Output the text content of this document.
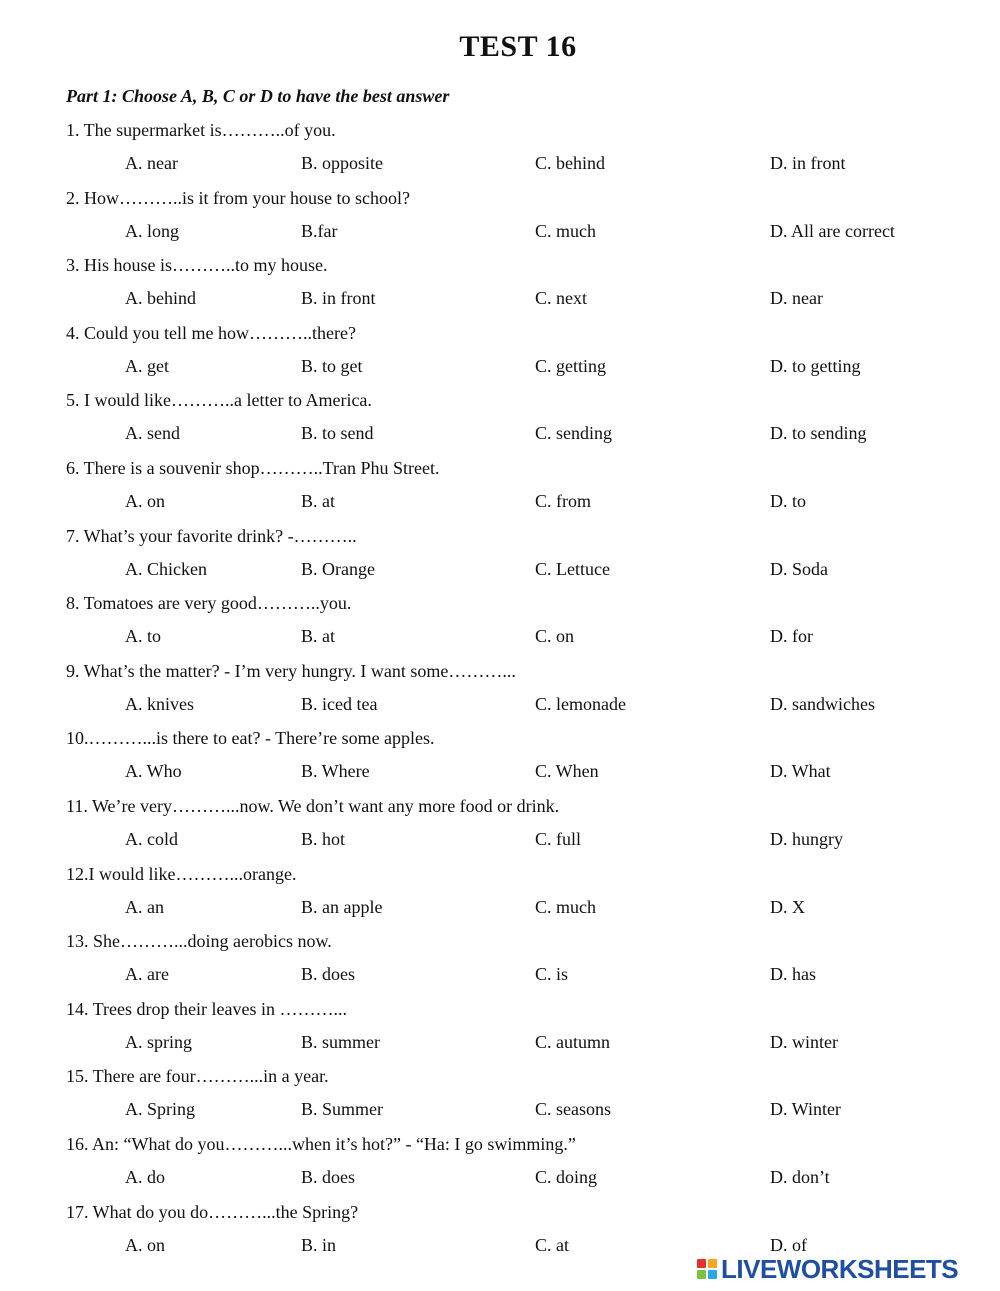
TEST 16
Part 1: Choose A, B, C or D to have the best answer
1. The supermarket is………..of you.
A. near	B. opposite	C. behind	D. in front
2. How………..is it from your house to school?
A. long	B.far	C. much	D. All are correct
3. His house is………..to my house.
A. behind	B. in front	C. next	D. near
4. Could you tell me how………..there?
A. get	B. to get	C. getting	D. to getting
5. I would like………..a letter to America.
A. send	B. to send	C. sending	D. to sending
6. There is a souvenir shop………..Tran Phu Street.
A. on	B. at	C. from	D. to
7. What’s your favorite drink? -………..
A. Chicken	B. Orange	C. Lettuce	D. Soda
8. Tomatoes are very good………..you.
A. to	B. at	C. on	D. for
9. What’s the matter? - I’m very hungry. I want some………...
A. knives	B. iced tea	C. lemonade	D. sandwiches
10.………...is there to eat? - There’re some apples.
A. Who	B. Where	C. When	D. What
11. We’re very………...now. We don’t want any more food or drink.
A. cold	B. hot	C. full	D. hungry
12.I would like………...orange.
A. an	B. an apple	C. much	D. X
13. She………...doing aerobics now.
A. are	B. does	C. is	D. has
14. Trees drop their leaves in ………...
A. spring	B. summer	C. autumn	D. winter
15. There are four………...in a year.
A. Spring	B. Summer	C. seasons	D. Winter
16. An: “What do you………...when it’s hot?” - “Ha: I go swimming.”
A. do	B. does	C. doing	D. don’t
17. What do you do………...the Spring?
A. on	B. in	C. at	D. of
LIVEWORKSHEETS
